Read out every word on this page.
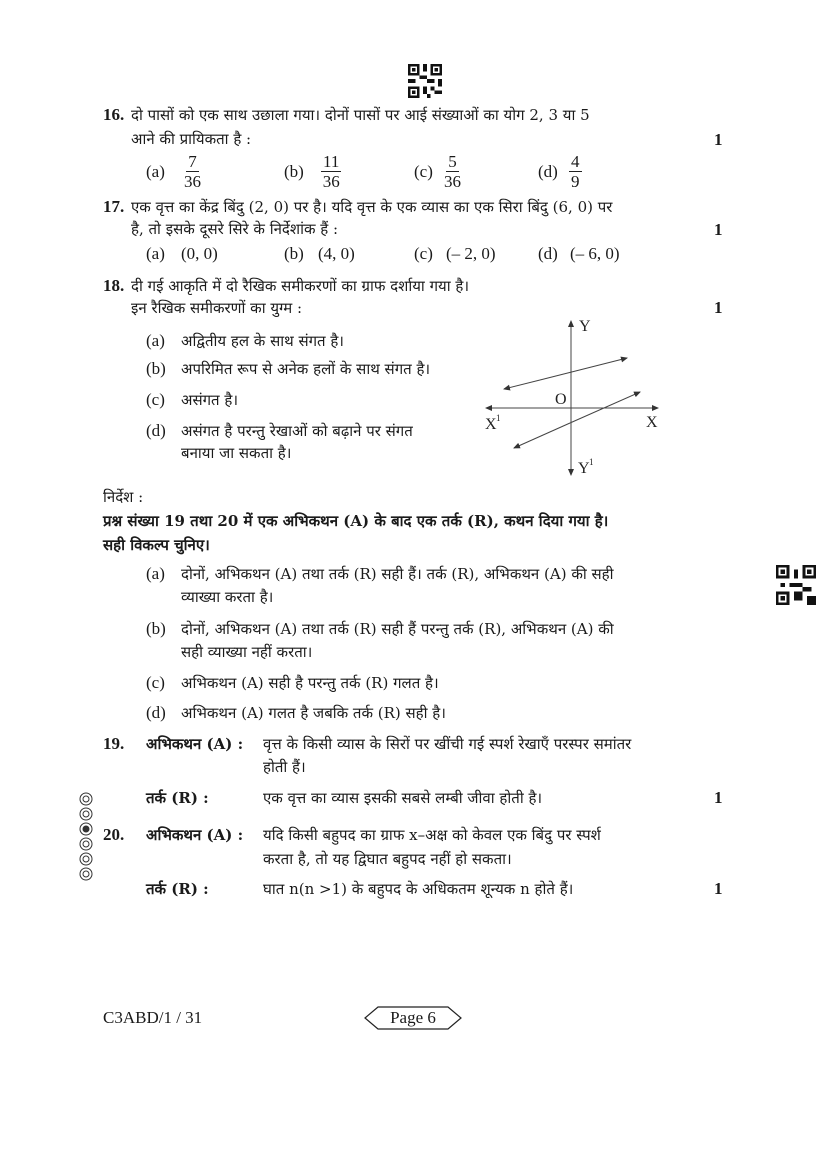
16. दो पासों को एक साथ उछाला गया। दोनों पासों पर आई संख्याओं का योग 2, 3 या 5
आने की प्रायिकता है :	1
$(a) \frac{7}{36}$	$(b) \frac{11}{36}$	$(c) \frac{5}{36}$	$(d) \frac{4}{9}$
17. एक वृत्त का केंद्र बिंदु (2, 0) पर है। यदि वृत्त के एक व्यास का एक सिरा बिंदु (6, 0) पर
है, तो इसके दूसरे सिरे के निर्देशांक हैं :	1
(a) (0, 0)	(b) (4, 0)	(c) (– 2, 0) (d) (– 6, 0)
18. दी गई आकृति में दो रैखिक समीकरणों का ग्राफ दर्शाया गया है।
इन रैखिक समीकरणों का युग्म :	1
(a) अद्वितीय हल के साथ संगत है।
(b) अपरिमित रूप से अनेक हलों के साथ संगत है।
(c) असंगत है।
(d) असंगत है परन्तु रेखाओं को बढ़ाने पर संगत
बनाया जा सकता है।
Y
O
X
X 1
Y 1
निर्देश :
प्रश्न संख्या 19 तथा 20 में एक अभिकथन (A) के बाद एक तर्क (R), कथन दिया गया है।
सही विकल्प चुनिए।
(a) दोनों, अभिकथन (A) तथा तर्क (R) सही हैं। तर्क (R), अभिकथन (A) की सही
व्याख्या करता है।
(b) दोनों, अभिकथन (A) तथा तर्क (R) सही हैं परन्तु तर्क (R), अभिकथन (A) की
सही व्याख्या नहीं करता।
(c) अभिकथन (A) सही है परन्तु तर्क (R) गलत है।
(d) अभिकथन (A) गलत है जबकि तर्क (R) सही है।
19. अभिकथन (A) : वृत्त के किसी व्यास के सिरों पर खींची गई स्पर्श रेखाएँ परस्पर समांतर
होती हैं।
तर्क (R) :	एक वृत्त का व्यास इसकी सबसे लम्बी जीवा होती है।	1
20. अभिकथन (A) : यदि किसी बहुपद का ग्राफ x–अक्ष को केवल एक बिंदु पर स्पर्श
करता है, तो यह द्विघात बहुपद नहीं हो सकता।
तर्क (R) :	घात n(n >1) के बहुपद के अधिकतम शून्यक n होते हैं।	1
C3ABD/1 / 31	Page 6
